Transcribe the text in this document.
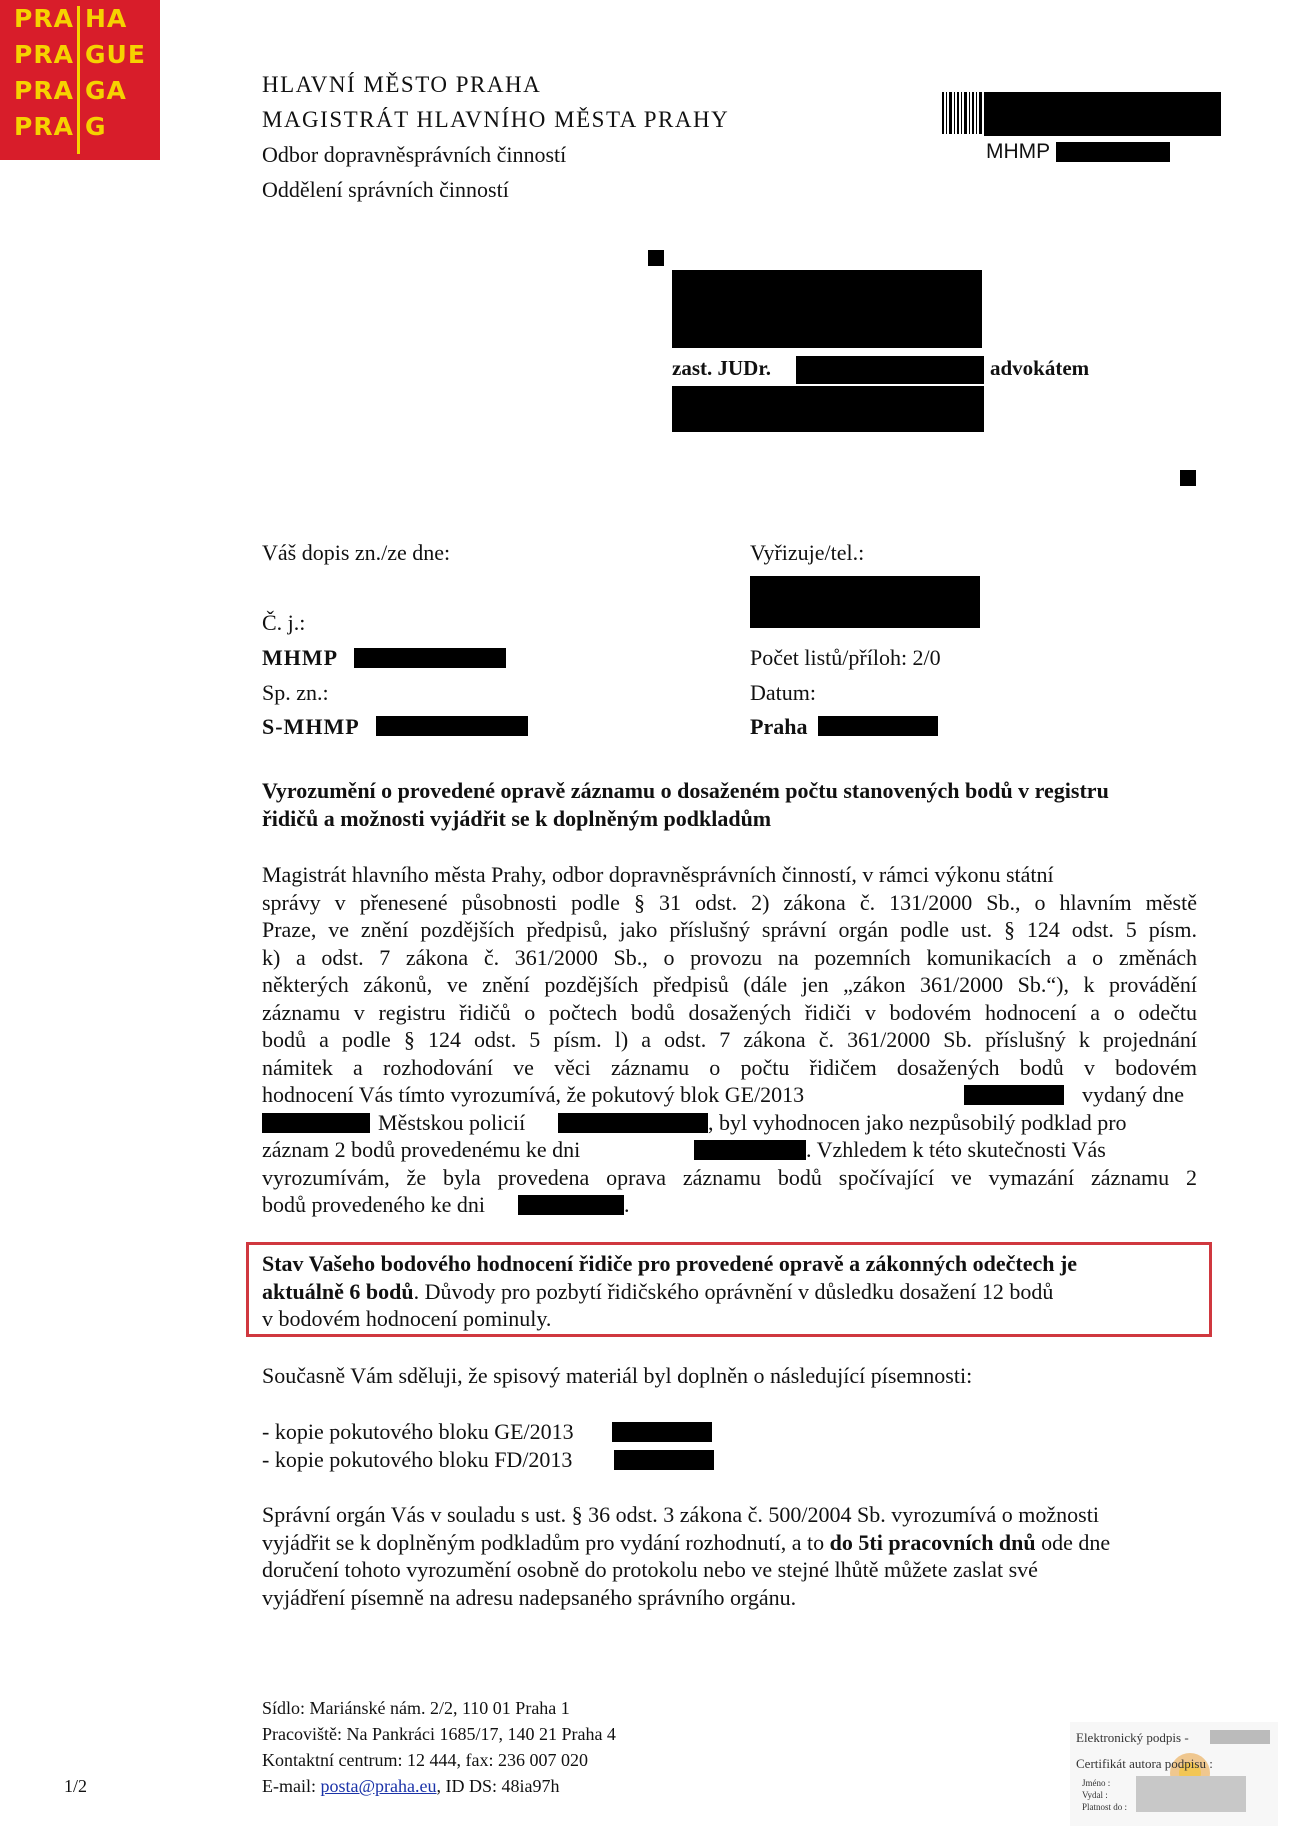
PRA HA
PRA GUE
PRA GA
PRA G
HLAVNÍ MĚSTO PRAHA
MAGISTRÁT HLAVNÍHO MĚSTA PRAHY
Odbor dopravněsprávních činností
Oddělení správních činností
MHMP
zast. JUDr.	advokátem
Váš dopis zn./ze dne:	Vyřizuje/tel.:
Č. j.:
MHMP	Počet listů/příloh: 2/0
Sp. zn.:	Datum:
S-MHMP	Praha
Vyrozumění o provedené opravě záznamu o dosaženém počtu stanovených bodů v registru
řidičů a možnosti vyjádřit se k doplněným podkladům
Magistrát hlavního města Prahy, odbor dopravněsprávních činností, v rámci výkonu státní
správy v přenesené působnosti podle § 31 odst. 2) zákona č. 131/2000 Sb., o hlavním městě
Praze, ve znění pozdějších předpisů, jako příslušný správní orgán podle ust. § 124 odst. 5 písm.
k) a odst. 7 zákona č. 361/2000 Sb., o provozu na pozemních komunikacích a o změnách
některých zákonů, ve znění pozdějších předpisů (dále jen „zákon 361/2000 Sb.“), k provádění
záznamu v registru řidičů o počtech bodů dosažených řidiči v bodovém hodnocení a o odečtu
bodů a podle § 124 odst. 5 písm. l) a odst. 7 zákona č. 361/2000 Sb. příslušný k projednání
námitek a rozhodování ve věci záznamu o počtu řidičem dosažených bodů v bodovém
hodnocení Vás tímto vyrozumívá, že pokutový blok GE/2013	vydaný dne
Městskou policií	, byl vyhodnocen jako nezpůsobilý podklad pro
záznam 2 bodů provedenému ke dni	. Vzhledem k této skutečnosti Vás
vyrozumívám, že byla provedena oprava záznamu bodů spočívající ve vymazání záznamu 2
bodů provedeného ke dni	.
Stav Vašeho bodového hodnocení řidiče pro provedené opravě a zákonných odečtech je
aktuálně 6 bodů. Důvody pro pozbytí řidičského oprávnění v důsledku dosažení 12 bodů
v bodovém hodnocení pominuly.
Současně Vám sděluji, že spisový materiál byl doplněn o následující písemnosti:
- kopie pokutového bloku GE/2013
- kopie pokutového bloku FD/2013
Správní orgán Vás v souladu s ust. § 36 odst. 3 zákona č. 500/2004 Sb. vyrozumívá o možnosti
vyjádřit se k doplněným podkladům pro vydání rozhodnutí, a to do 5ti pracovních dnů ode dne
doručení tohoto vyrozumění osobně do protokolu nebo ve stejné lhůtě můžete zaslat své
vyjádření písemně na adresu nadepsaného správního orgánu.
Sídlo: Mariánské nám. 2/2, 110 01 Praha 1
Pracoviště: Na Pankráci 1685/17, 140 21 Praha 4
Kontaktní centrum: 12 444, fax: 236 007 020
E-mail: posta@praha.eu, ID DS: 48ia97h
1/2
Elektronický podpis -
Certifikát autora podpisu :
Jméno :
Vydal :
Platnost do :
